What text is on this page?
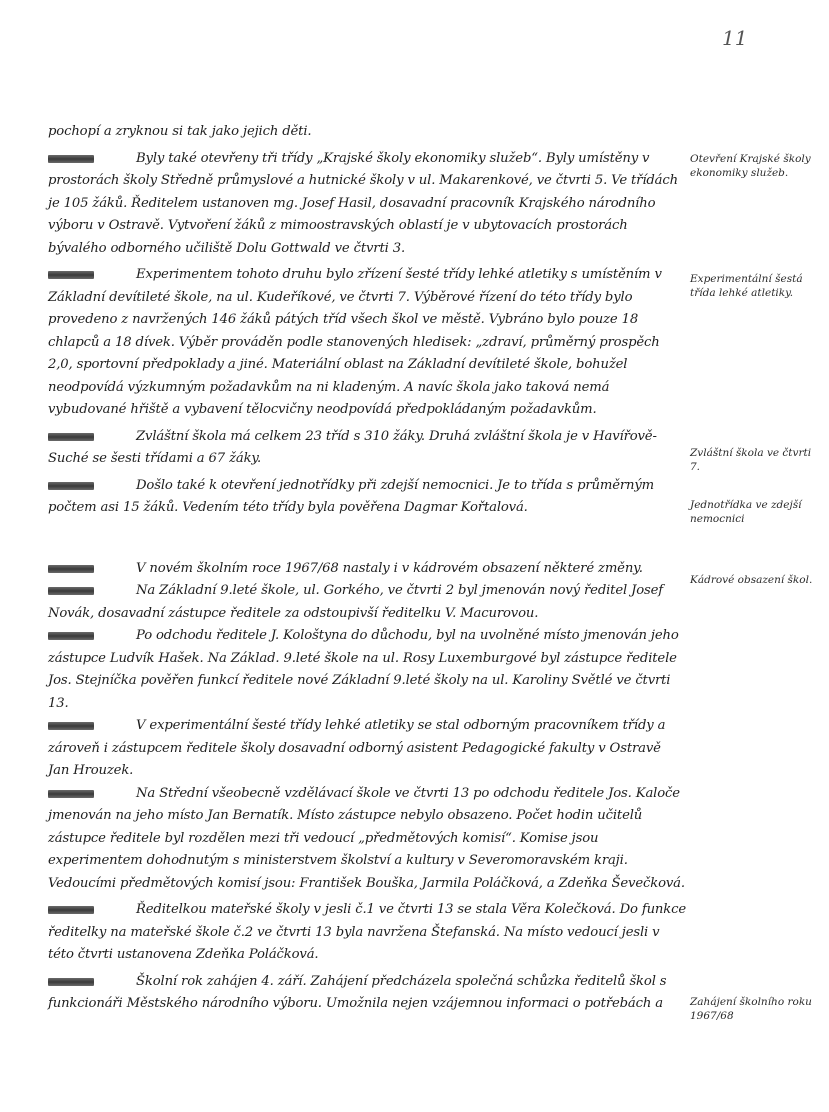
11

pochopí a zryknou si tak jako jejich děti.

Byly také otevřeny tři třídy „Krajské školy ekonomiky služeb“. Byly umístěny v prostorách školy Středně průmyslové a hutnické školy v ul. Makarenkové, ve čtvrti 5. Ve třídách je 105 žáků. Ředitelem ustanoven mg. Josef Hasil, dosavadní pracovník Krajského národního výboru v Ostravě. Vytvoření žáků z mimoostravských oblastí je v ubytovacích prostorách bývalého odborného učiliště Dolu Gottwald ve čtvrti 3.
Experimentem tohoto druhu bylo zřízení šesté třídy lehké atletiky s umístěním v Základní devítileté škole, na ul. Kudeříkové, ve čtvrti 7. Výběrové řízení do této třídy bylo provedeno z navržených 146 žáků pátých tříd všech škol ve městě. Vybráno bylo pouze 18 chlapců a 18 dívek. Výběr prováděn podle stanovených hledisek: „zdraví, průměrný prospěch 2,0, sportovní předpoklady a jiné. Materiální oblast na Základní devítileté škole, bohužel neodpovídá výzkumným požadavkům na ni kladeným. A navíc škola jako taková nemá vybudované hřiště a vybavení tělocvičny neodpovídá předpokládaným požadavkům.
Zvláštní škola má celkem 23 tříd s 310 žáky. Druhá zvláštní škola je v Havířově-Suché se šesti třídami a 67 žáky.
Došlo také k otevření jednotřídky při zdejší nemocnici. Je to třída s průměrným počtem asi 15 žáků. Vedením této třídy byla pověřena Dagmar Kořtalová.
V novém školním roce 1967/68 nastaly i v kádrovém obsazení některé změny.
Na Základní 9.leté škole, ul. Gorkého, ve čtvrti 2 byl jmenován nový ředitel Josef Novák, dosavadní zástupce ředitele za odstoupivší ředitelku V. Macurovou.
Po odchodu ředitele J. Kološtyna do důchodu, byl na uvolněné místo jmenován jeho zástupce Ludvík Hašek. Na Základ. 9.leté škole na ul. Rosy Luxemburgové byl zástupce ředitele Jos. Stejníčka pověřen funkcí ředitele nové Základní 9.leté školy na ul. Karoliny Světlé ve čtvrti 13.
V experimentální šesté třídy lehké atletiky se stal odborným pracovníkem třídy a zároveň i zástupcem ředitele školy dosavadní odborný asistent Pedagogické fakulty v Ostravě Jan Hrouzek.
Na Střední všeobecně vzdělávací škole ve čtvrti 13 po odchodu ředitele Jos. Kaloče jmenován na jeho místo Jan Bernatík. Místo zástupce nebylo obsazeno. Počet hodin učitelů zástupce ředitele byl rozdělen mezi tři vedoucí „předmětových komisí“. Komise jsou experimentem dohodnutým s ministerstvem školství a kultury v Severomoravském kraji. Vedoucími předmětových komisí jsou: František Bouška, Jarmila Poláčková, a Zdeňka Ševečková.
Ředitelkou mateřské školy v jesli č.1 ve čtvrti 13 se stala Věra Kolečková. Do funkce ředitelky na mateřské škole č.2 ve čtvrti 13 byla navržena Štefanská. Na místo vedoucí jesli v této čtvrti ustanovena Zdeňka Poláčková.
Školní rok zahájen 4. září. Zahájení předcházela společná schůzka ředitelů škol s funkcionáři Městského národního výboru. Umožnila nejen vzájemnou informaci o potřebách a
Otevření Krajské školy ekonomiky služeb.
Experimentální šestá třída lehké atletiky.
Zvláštní škola ve čtvrti 7.
Jednotřídka ve zdejší nemocnici
Kádrové obsazení škol.
Zahájení školního roku 1967/68
